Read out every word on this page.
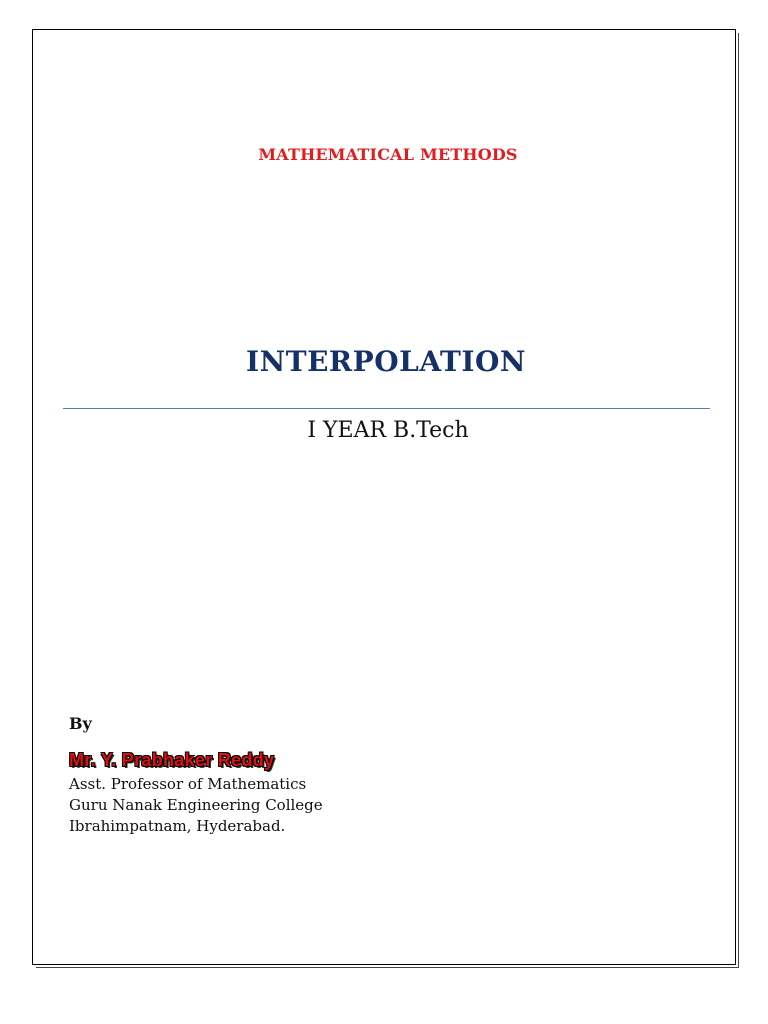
MATHEMATICAL METHODS
INTERPOLATION
I YEAR B.Tech
By
Mr. Y. Prabhaker Reddy
Asst. Professor of Mathematics
Guru Nanak Engineering College
Ibrahimpatnam, Hyderabad.
